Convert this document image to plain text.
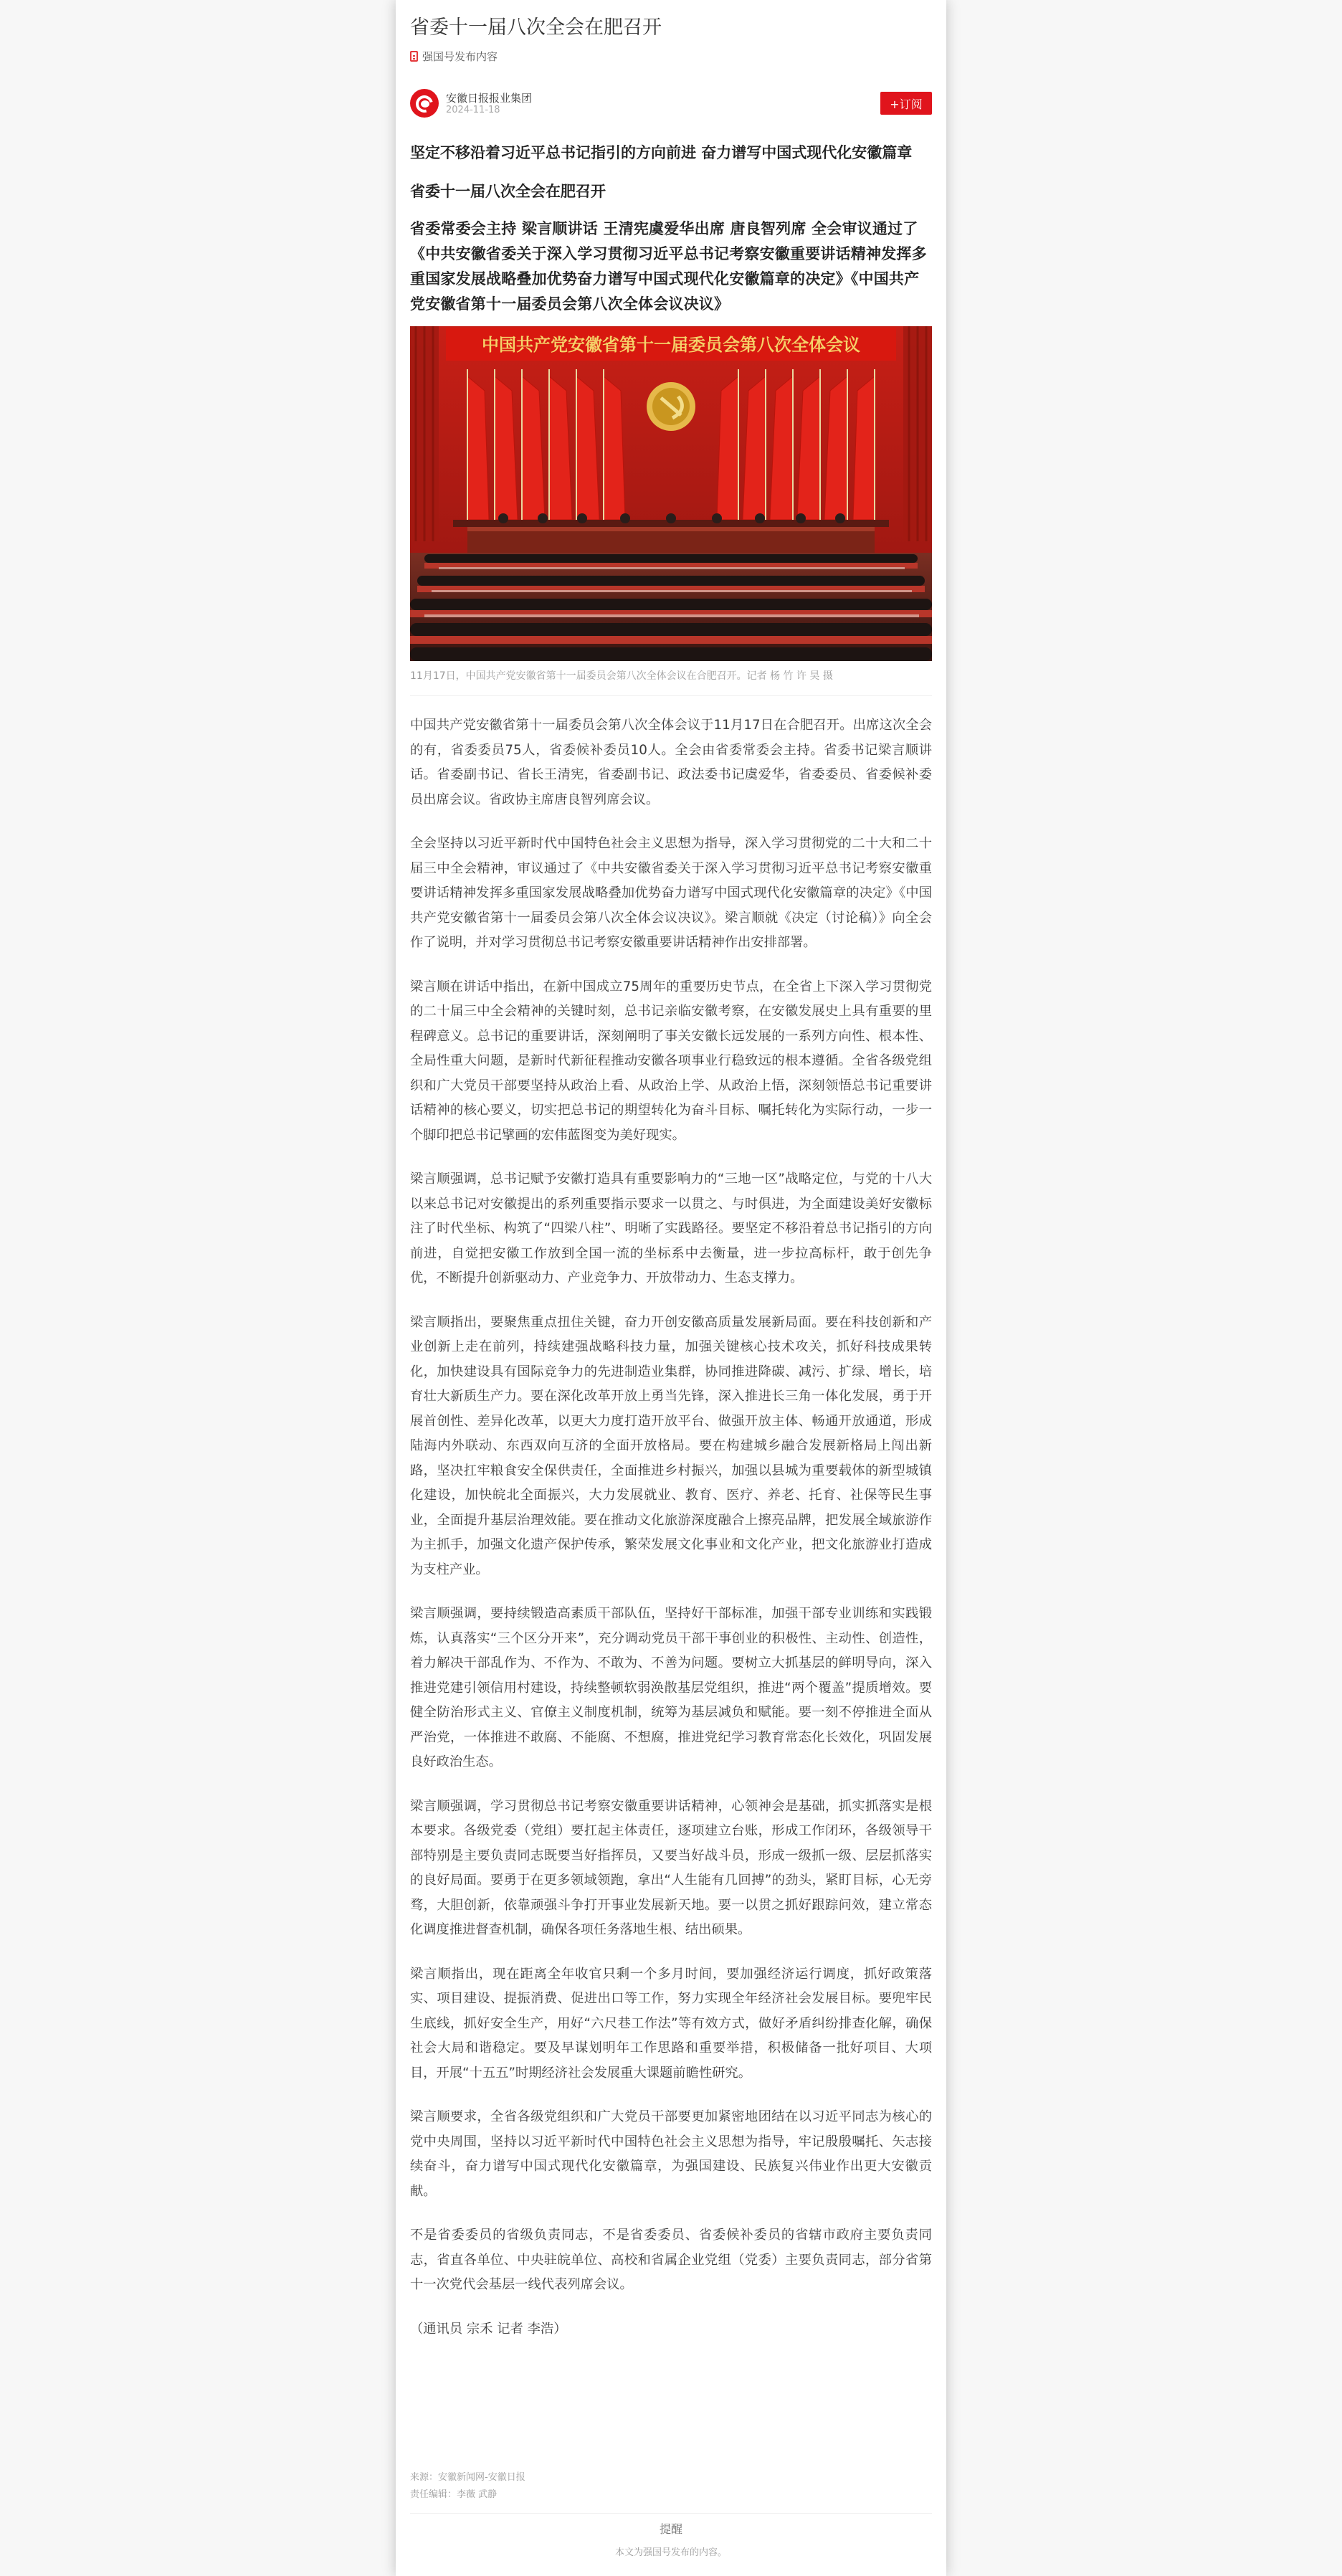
省委十一届八次全会在肥召开
强国号发布内容
安徽日报报业集团
2024-11-18	+订阅
坚定不移沿着习近平总书记指引的方向前进 奋力谱写中国式现代化安徽篇章
省委十一届八次全会在肥召开
省委常委会主持 梁言顺讲话 王清宪虞爱华出席 唐良智列席 全会审议通过了《中共安徽省委关于深入学习贯彻习近平总书记考察安徽重要讲话精神发挥多重国家发展战略叠加优势奋力谱写中国式现代化安徽篇章的决定》《中国共产党安徽省第十一届委员会第八次全体会议决议》
中国共产党安徽省第十一届委员会第八次全体会议
11月17日，中国共产党安徽省第十一届委员会第八次全体会议在合肥召开。记者 杨 竹 许 昊 摄

中国共产党安徽省第十一届委员会第八次全体会议于11月17日在合肥召开。出席这次全会的有，省委委员75人，省委候补委员10人。全会由省委常委会主持。省委书记梁言顺讲话。省委副书记、省长王清宪，省委副书记、政法委书记虞爱华，省委委员、省委候补委员出席会议。省政协主席唐良智列席会议。

全会坚持以习近平新时代中国特色社会主义思想为指导，深入学习贯彻党的二十大和二十届三中全会精神，审议通过了《中共安徽省委关于深入学习贯彻习近平总书记考察安徽重要讲话精神发挥多重国家发展战略叠加优势奋力谱写中国式现代化安徽篇章的决定》《中国共产党安徽省第十一届委员会第八次全体会议决议》。梁言顺就《决定（讨论稿）》向全会作了说明，并对学习贯彻总书记考察安徽重要讲话精神作出安排部署。

梁言顺在讲话中指出，在新中国成立75周年的重要历史节点，在全省上下深入学习贯彻党的二十届三中全会精神的关键时刻，总书记亲临安徽考察，在安徽发展史上具有重要的里程碑意义。总书记的重要讲话，深刻阐明了事关安徽长远发展的一系列方向性、根本性、全局性重大问题，是新时代新征程推动安徽各项事业行稳致远的根本遵循。全省各级党组织和广大党员干部要坚持从政治上看、从政治上学、从政治上悟，深刻领悟总书记重要讲话精神的核心要义，切实把总书记的期望转化为奋斗目标、嘱托转化为实际行动，一步一个脚印把总书记擘画的宏伟蓝图变为美好现实。

梁言顺强调，总书记赋予安徽打造具有重要影响力的“三地一区”战略定位，与党的十八大以来总书记对安徽提出的系列重要指示要求一以贯之、与时俱进，为全面建设美好安徽标注了时代坐标、构筑了“四梁八柱”、明晰了实践路径。要坚定不移沿着总书记指引的方向前进，自觉把安徽工作放到全国一流的坐标系中去衡量，进一步拉高标杆，敢于创先争优，不断提升创新驱动力、产业竞争力、开放带动力、生态支撑力。

梁言顺指出，要聚焦重点扭住关键，奋力开创安徽高质量发展新局面。要在科技创新和产业创新上走在前列，持续建强战略科技力量，加强关键核心技术攻关，抓好科技成果转化，加快建设具有国际竞争力的先进制造业集群，协同推进降碳、减污、扩绿、增长，培育壮大新质生产力。要在深化改革开放上勇当先锋，深入推进长三角一体化发展，勇于开展首创性、差异化改革，以更大力度打造开放平台、做强开放主体、畅通开放通道，形成陆海内外联动、东西双向互济的全面开放格局。要在构建城乡融合发展新格局上闯出新路，坚决扛牢粮食安全保供责任，全面推进乡村振兴，加强以县城为重要载体的新型城镇化建设，加快皖北全面振兴，大力发展就业、教育、医疗、养老、托育、社保等民生事业，全面提升基层治理效能。要在推动文化旅游深度融合上擦亮品牌，把发展全域旅游作为主抓手，加强文化遗产保护传承，繁荣发展文化事业和文化产业，把文化旅游业打造成为支柱产业。

梁言顺强调，要持续锻造高素质干部队伍，坚持好干部标准，加强干部专业训练和实践锻炼，认真落实“三个区分开来”，充分调动党员干部干事创业的积极性、主动性、创造性，着力解决干部乱作为、不作为、不敢为、不善为问题。要树立大抓基层的鲜明导向，深入推进党建引领信用村建设，持续整顿软弱涣散基层党组织，推进“两个覆盖”提质增效。要健全防治形式主义、官僚主义制度机制，统筹为基层减负和赋能。要一刻不停推进全面从严治党，一体推进不敢腐、不能腐、不想腐，推进党纪学习教育常态化长效化，巩固发展良好政治生态。

梁言顺强调，学习贯彻总书记考察安徽重要讲话精神，心领神会是基础，抓实抓落实是根本要求。各级党委（党组）要扛起主体责任，逐项建立台账，形成工作闭环，各级领导干部特别是主要负责同志既要当好指挥员，又要当好战斗员，形成一级抓一级、层层抓落实的良好局面。要勇于在更多领域领跑，拿出“人生能有几回搏”的劲头，紧盯目标，心无旁骛，大胆创新，依靠顽强斗争打开事业发展新天地。要一以贯之抓好跟踪问效，建立常态化调度推进督查机制，确保各项任务落地生根、结出硕果。

梁言顺指出，现在距离全年收官只剩一个多月时间，要加强经济运行调度，抓好政策落实、项目建设、提振消费、促进出口等工作，努力实现全年经济社会发展目标。要兜牢民生底线，抓好安全生产，用好“六尺巷工作法”等有效方式，做好矛盾纠纷排查化解，确保社会大局和谐稳定。要及早谋划明年工作思路和重要举措，积极储备一批好项目、大项目，开展“十五五”时期经济社会发展重大课题前瞻性研究。

梁言顺要求，全省各级党组织和广大党员干部要更加紧密地团结在以习近平同志为核心的党中央周围，坚持以习近平新时代中国特色社会主义思想为指导，牢记殷殷嘱托、矢志接续奋斗，奋力谱写中国式现代化安徽篇章，为强国建设、民族复兴伟业作出更大安徽贡献。

不是省委委员的省级负责同志，不是省委委员、省委候补委员的省辖市政府主要负责同志，省直各单位、中央驻皖单位、高校和省属企业党组（党委）主要负责同志，部分省第十一次党代会基层一线代表列席会议。

（通讯员 宗禾 记者 李浩）

来源：安徽新闻网-安徽日报
责任编辑：李薇 武静
提醒
本文为强国号发布的内容。
